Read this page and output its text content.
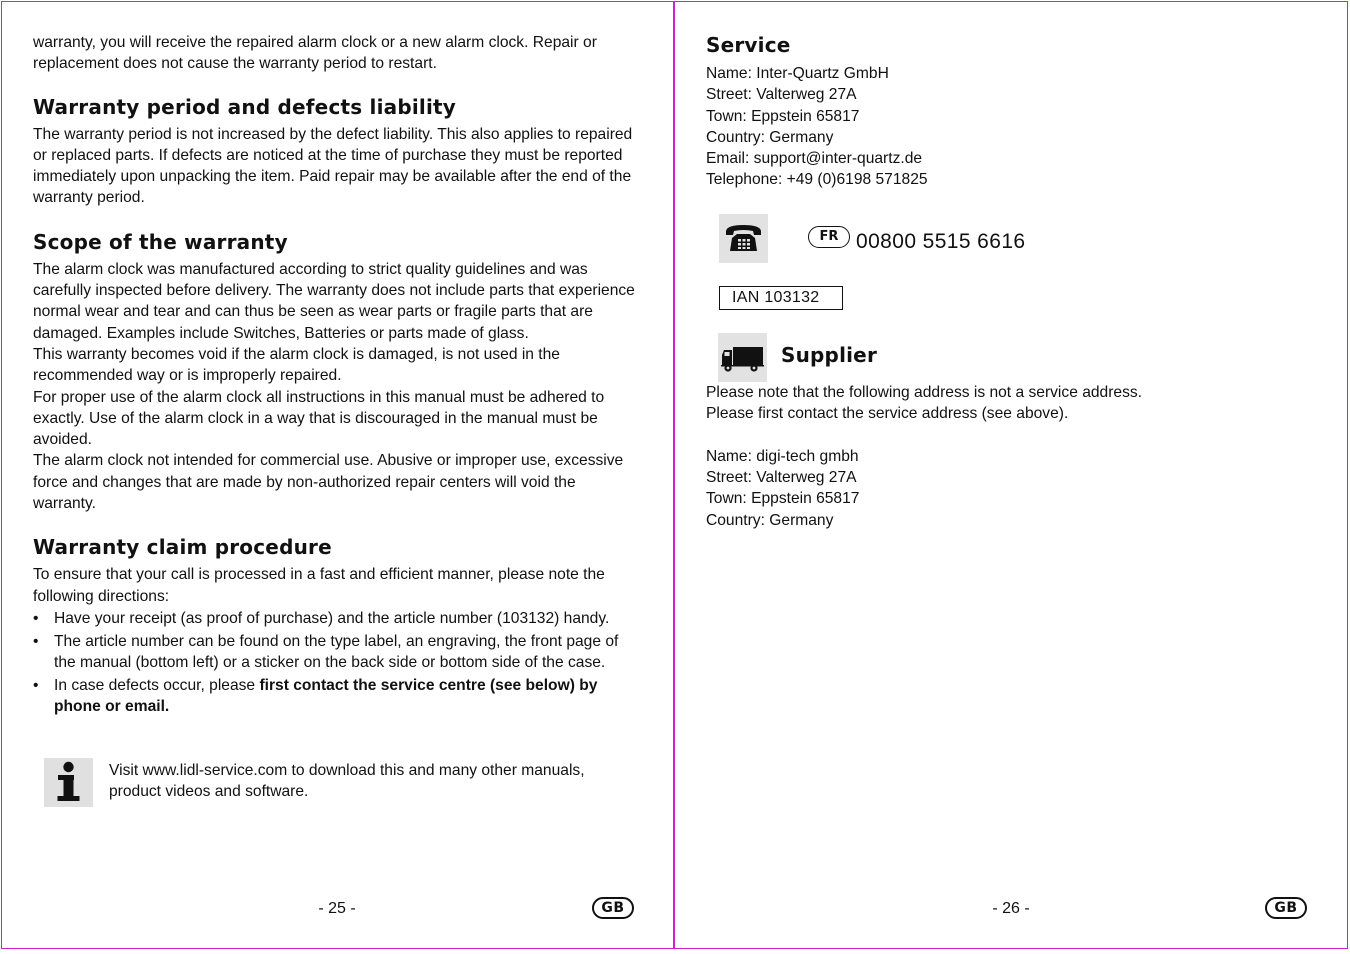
warranty, you will receive the repaired alarm clock or a new alarm clock. Repair or replacement does not cause the warranty period to restart.

Warranty period and defects liability

The warranty period is not increased by the defect liability. This also applies to repaired or replaced parts. If defects are noticed at the time of purchase they must be reported immediately upon unpacking the item. Paid repair may be available after the end of the warranty period.

Scope of the warranty

The alarm clock was manufactured according to strict quality guidelines and was carefully inspected before delivery. The warranty does not include parts that experience normal wear and tear and can thus be seen as wear parts or fragile parts that are damaged. Examples include Switches, Batteries or parts made of glass.

This warranty becomes void if the alarm clock is damaged, is not used in the recommended way or is improperly repaired.

For proper use of the alarm clock all instructions in this manual must be adhered to exactly. Use of the alarm clock in a way that is discouraged in the manual must be avoided.

The alarm clock not intended for commercial use. Abusive or improper use, excessive force and changes that are made by non-authorized repair centers will void the warranty.

Warranty claim procedure

To ensure that your call is processed in a fast and efficient manner, please note the following directions:

• Have your receipt (as proof of purchase) and the article number (103132) handy.
• The article number can be found on the type label, an engraving, the front page of the manual (bottom left) or a sticker on the back side or bottom side of the case.
• In case defects occur, please first contact the service centre (see below) by phone or email.

Visit www.lidl-service.com to download this and many other manuals, product videos and software.

- 25 -	GB
Service

Name: Inter-Quartz GmbH

Street: Valterweg 27A

Town: Eppstein 65817

Country: Germany

Email: support@inter-quartz.de

Telephone: +49 (0)6198 571825

FR 00800 5515 6616
IAN 103132
Supplier

Please note that the following address is not a service address.

Please first contact the service address (see above).

Name: digi-tech gmbh

Street: Valterweg 27A

Town: Eppstein 65817

Country: Germany

- 26 -	GB
